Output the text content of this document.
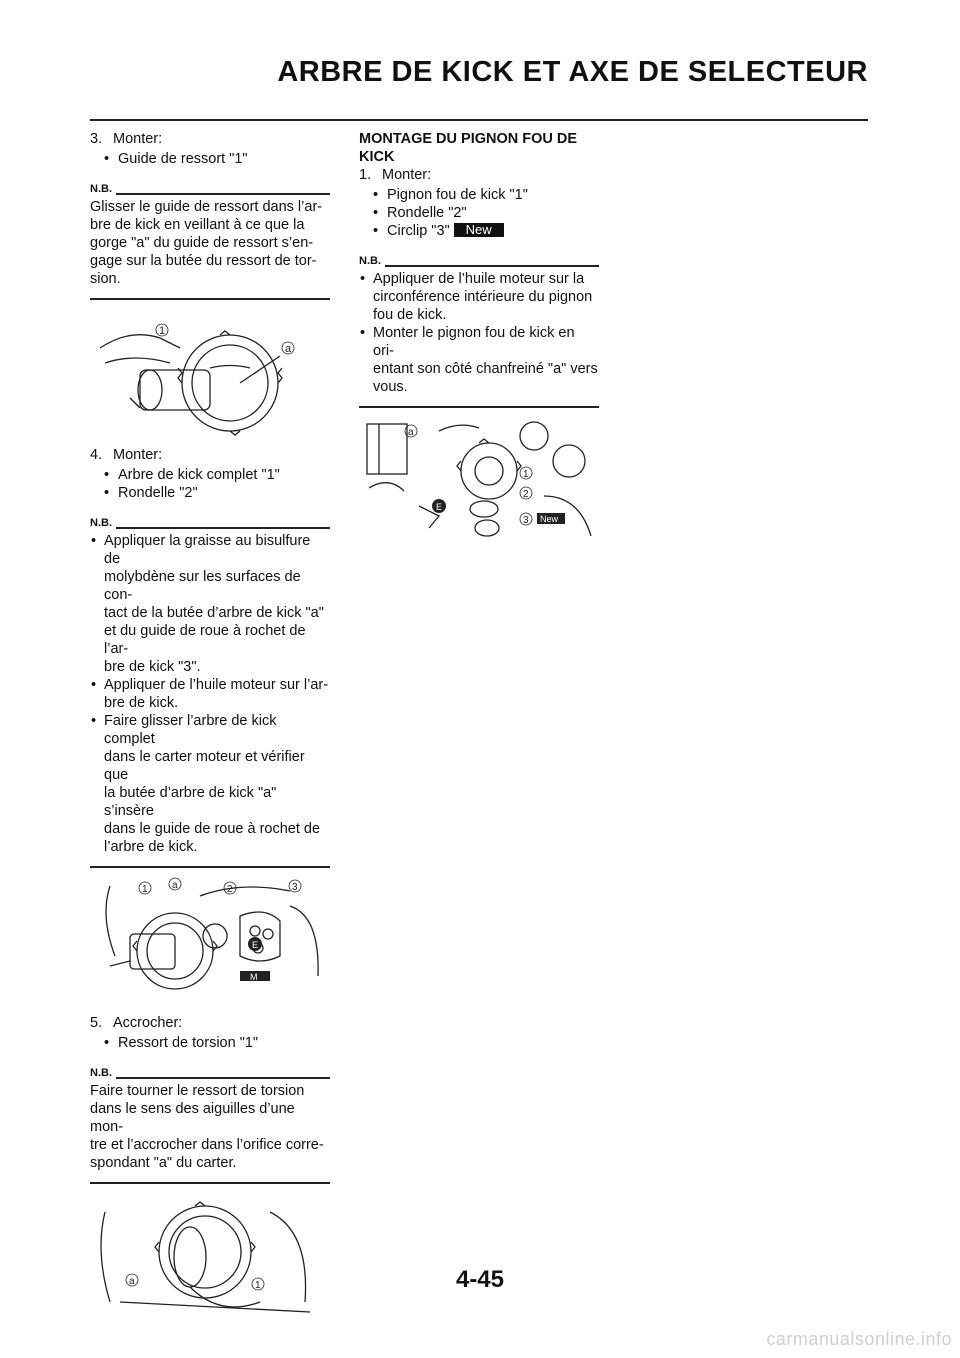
ARBRE DE KICK ET AXE DE SELECTEUR
3. Monter:
• Guide de ressort "1"
N.B.
Glisser le guide de ressort dans l’ar-
bre de kick en veillant à ce que la
gorge "a" du guide de ressort s’en-
gage sur la butée du ressort de tor-
sion.
1
a
4. Monter:
• Arbre de kick complet "1"
• Rondelle "2"
N.B.
• Appliquer la graisse au bisulfure de
molybdène sur les surfaces de con-
tact de la butée d’arbre de kick "a"
et du guide de roue à rochet de l’ar-
bre de kick "3".
• Appliquer de l’huile moteur sur l’ar-
bre de kick.
• Faire glisser l’arbre de kick complet
dans le carter moteur et vérifier que
la butée d’arbre de kick "a" s’insère
dans le guide de roue à rochet de
l’arbre de kick.
1 a	2	3
E
M
5. Accrocher:
• Ressort de torsion "1"
N.B.
Faire tourner le ressort de torsion
dans le sens des aiguilles d’une mon-
tre et l’accrocher dans l’orifice corre-
spondant "a" du carter.
a	1
MONTAGE DU PIGNON FOU DE
KICK
1. Monter:
• Pignon fou de kick "1"
• Rondelle "2"
• Circlip "3" New
N.B.
• Appliquer de l’huile moteur sur la
circonférence intérieure du pignon
fou de kick.
• Monter le pignon fou de kick en ori-
entant son côté chanfreiné "a" vers
vous.
a
1
2
3
E
New
4-45
carmanualsonline.info
